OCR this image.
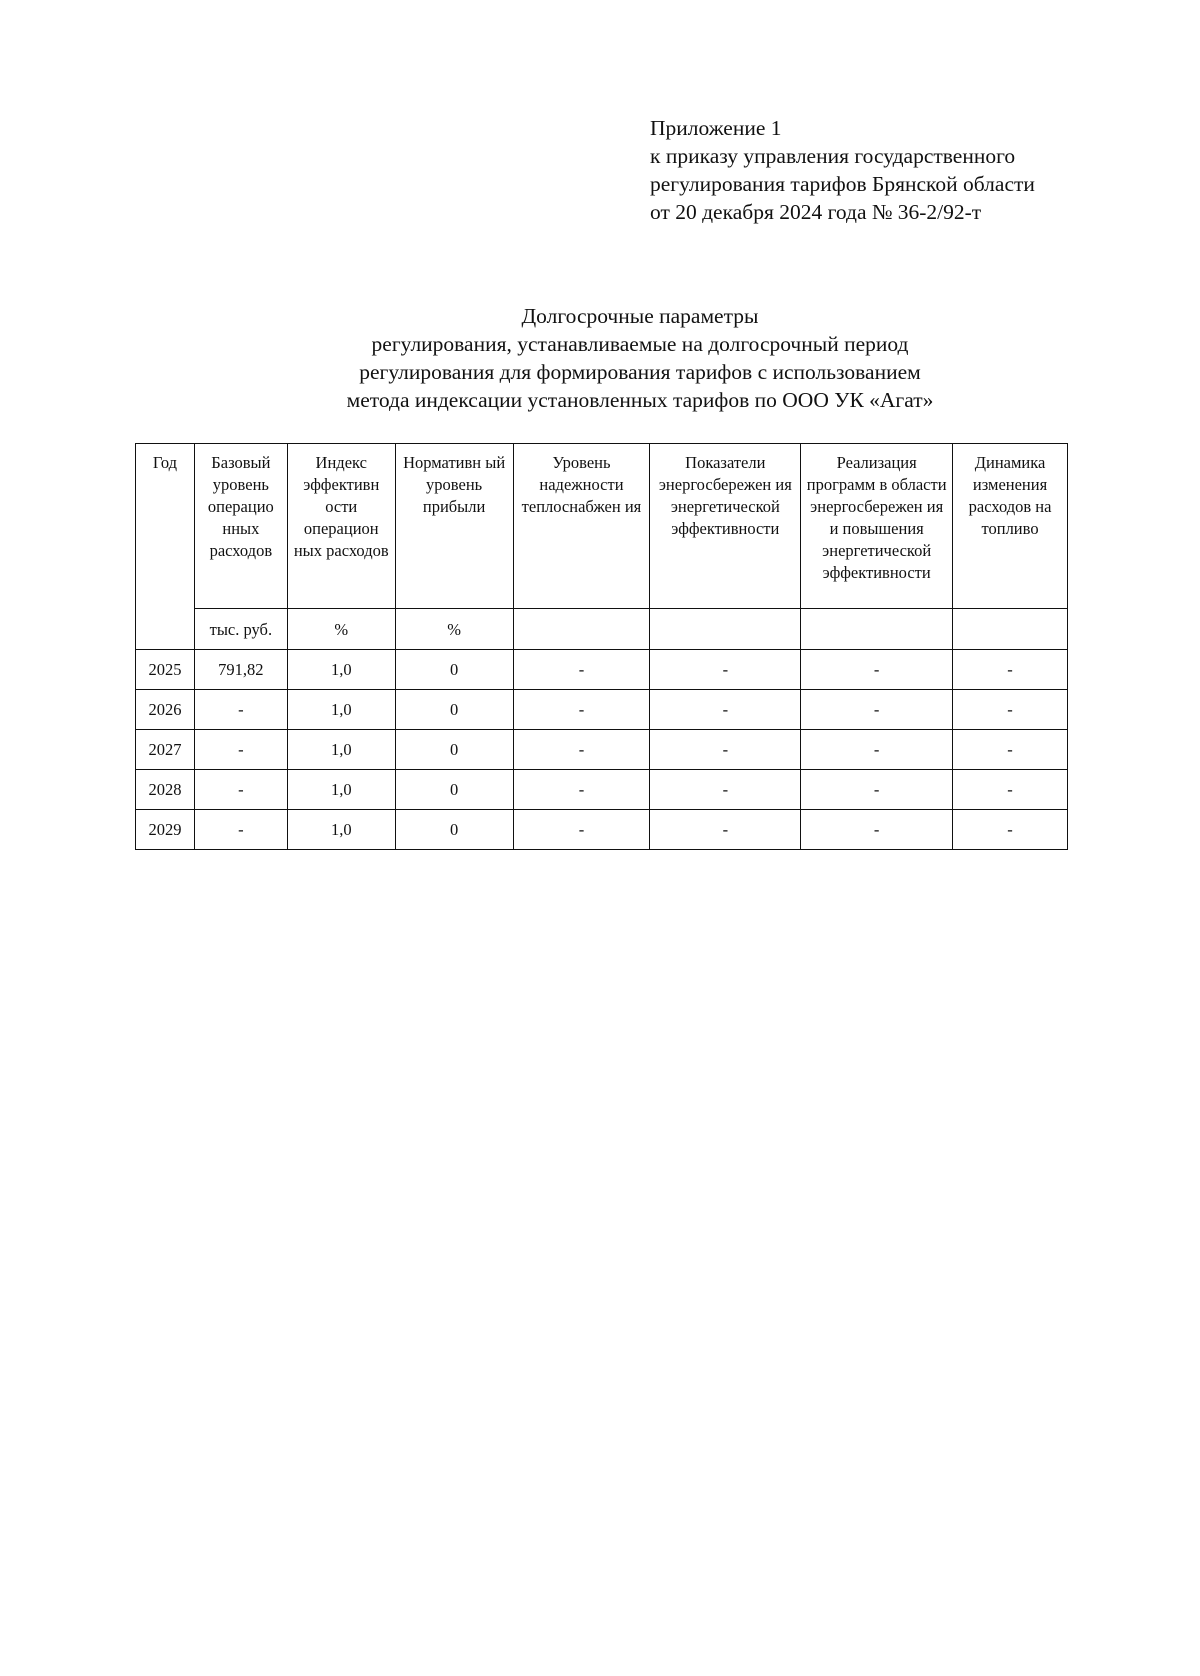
Приложение 1
к приказу управления государственного
регулирования тарифов Брянской области
от 20 декабря 2024 года № 36-2/92-т
Долгосрочные параметры
регулирования, устанавливаемые на долгосрочный период
регулирования для формирования тарифов с использованием
метода индексации установленных тарифов по ООО УК «Агат»
Год	Базовый уровень операцио нных расходов	Индекс эффективн ости операцион ных расходов	Нормативн ый уровень прибыли	Уровень надежности теплоснабжен ия	Показатели энергосбережен ия энергетической эффективности	Реализация программ в области энергосбережен ия и повышения энергетической эффективности	Динамика изменения расходов на топливо
	тыс. руб.	%	%				
2025	791,82	1,0	0	-	-	-	-
2026	-	1,0	0	-	-	-	-
2027	-	1,0	0	-	-	-	-
2028	-	1,0	0	-	-	-	-
2029	-	1,0	0	-	-	-	-
